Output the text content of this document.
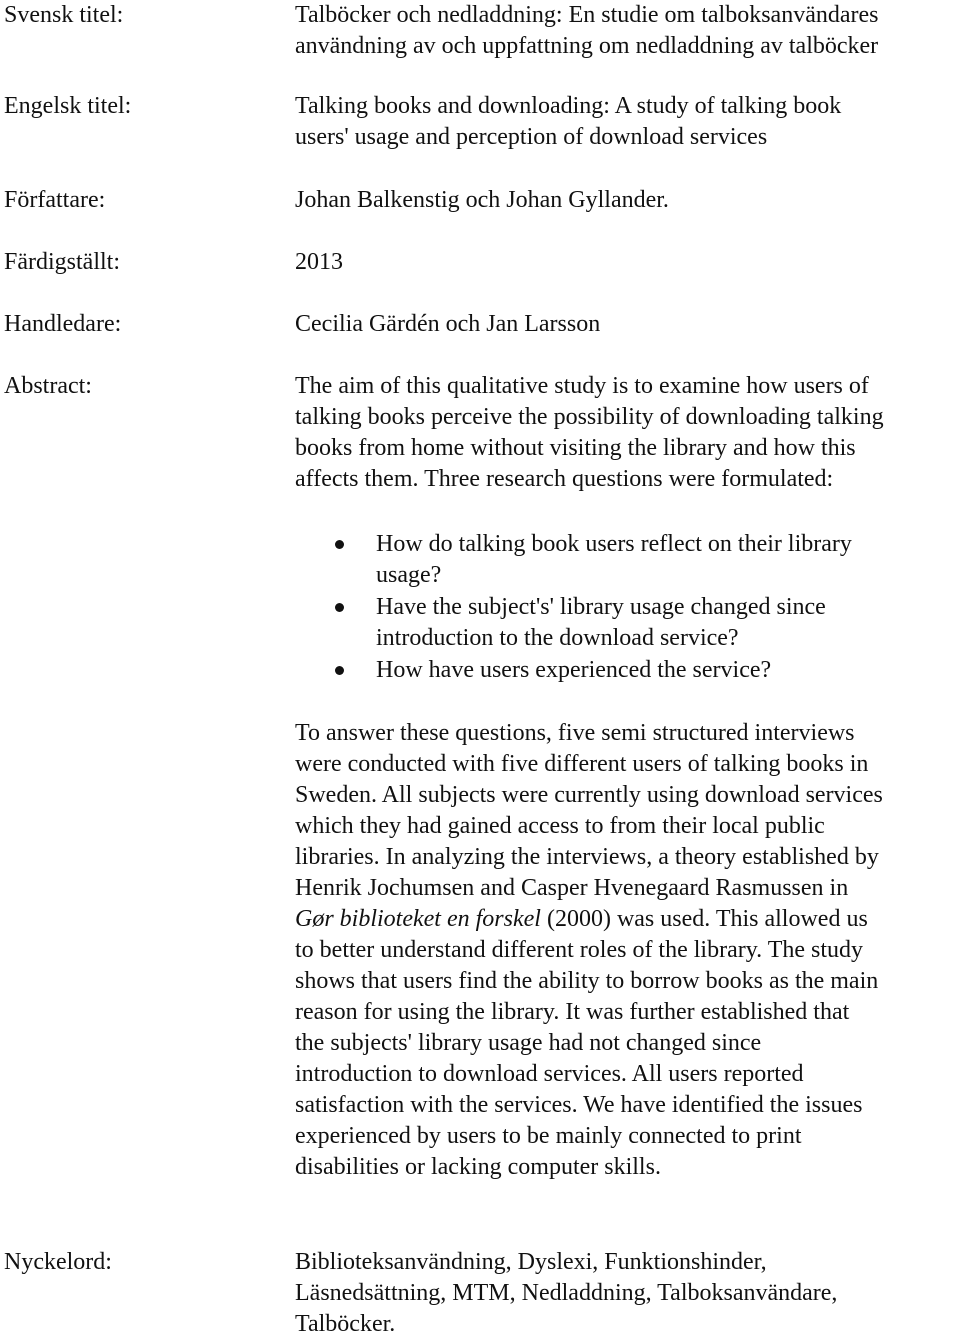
Svensk titel:	Talböcker och nedladdning: En studie om talboksanvändares
användning av och uppfattning om nedladdning av talböcker
Engelsk titel:	Talking books and downloading: A study of talking book
users' usage and perception of download services
Författare:	Johan Balkenstig och Johan Gyllander.
Färdigställt:	2013
Handledare:	Cecilia Gärdén och Jan Larsson
Abstract:	The aim of this qualitative study is to examine how users of
talking books perceive the possibility of downloading talking
books from home without visiting the library and how this
affects them. Three research questions were formulated:
How do talking book users reflect on their library
usage?
Have the subject's' library usage changed since
introduction to the download service?
How have users experienced the service?
To answer these questions, five semi structured interviews
were conducted with five different users of talking books in
Sweden. All subjects were currently using download services
which they had gained access to from their local public
libraries. In analyzing the interviews, a theory established by
Henrik Jochumsen and Casper Hvenegaard Rasmussen in
Gør biblioteket en forskel (2000) was used. This allowed us
to better understand different roles of the library. The study
shows that users find the ability to borrow books as the main
reason for using the library. It was further established that
the subjects' library usage had not changed since
introduction to download services. All users reported
satisfaction with the services. We have identified the issues
experienced by users to be mainly connected to print
disabilities or lacking computer skills.
Nyckelord:	Biblioteksanvändning, Dyslexi, Funktionshinder,
Läsnedsättning, MTM, Nedladdning, Talboksanvändare,
Talböcker.
